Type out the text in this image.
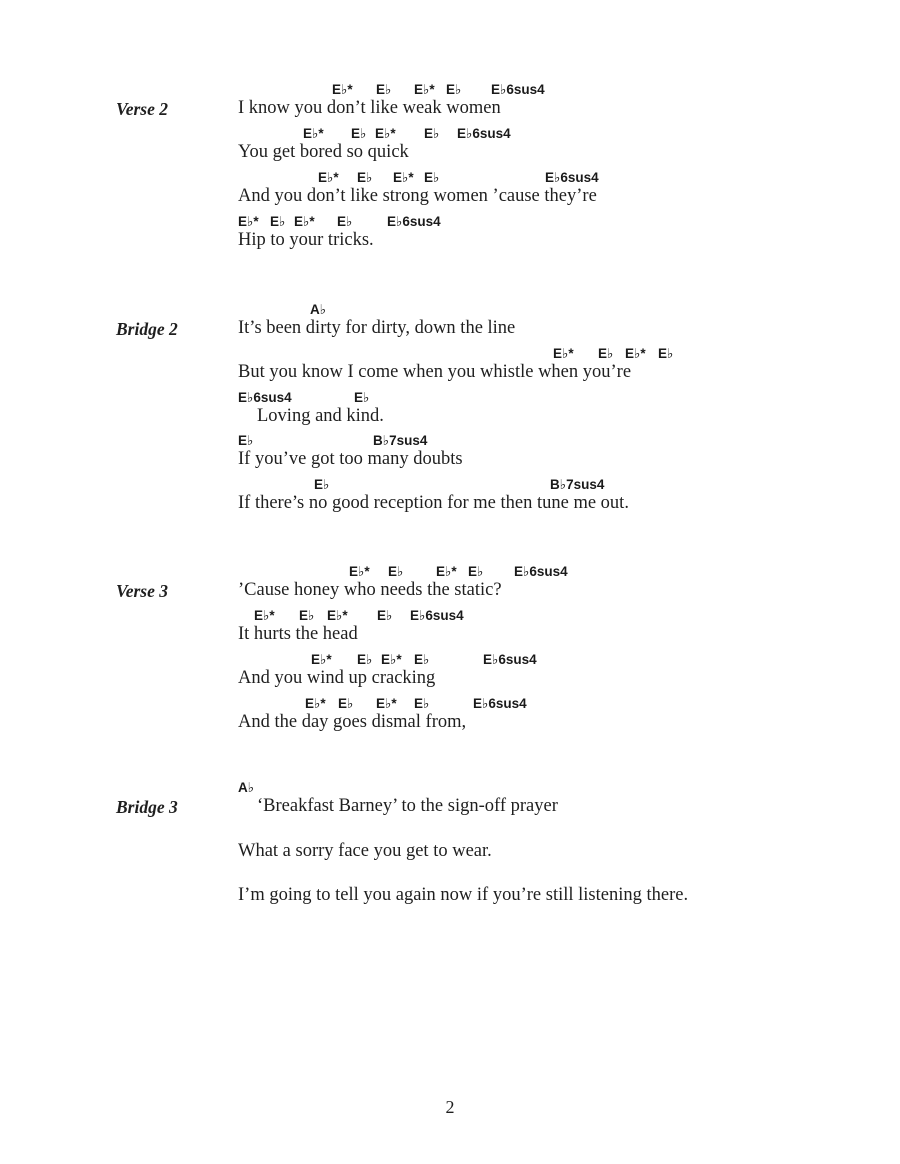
Verse 2
E♭* E♭ E♭* E♭ E♭6sus4
I know you don’t like weak women
E♭* E♭ E♭* E♭ E♭6sus4
You get bored so quick
E♭* E♭ E♭* E♭	E♭6sus4
And you don’t like strong women ’cause they’re
E♭* E♭ E♭* E♭	E♭6sus4
Hip to your tricks.
Bridge 2
A♭
It’s been dirty for dirty, down the line
E♭* E♭ E♭* E♭
But you know I come when you whistle when you’re
E♭6sus4	E♭
Loving and kind.
E♭	B♭7sus4
If you’ve got too many doubts
E♭	B♭7sus4
If there’s no good reception for me then tune me out.
Verse 3
E♭* E♭ E♭* E♭ E♭6sus4
’Cause honey who needs the static?
E♭* E♭ E♭* E♭ E♭6sus4
It hurts the head
E♭* E♭ E♭* E♭	E♭6sus4
And you wind up cracking
E♭* E♭ E♭* E♭	E♭6sus4
And the day goes dismal from,
Bridge 3
A♭
‘Breakfast Barney’ to the sign-off prayer
What a sorry face you get to wear.
I’m going to tell you again now if you’re still listening there.
2
